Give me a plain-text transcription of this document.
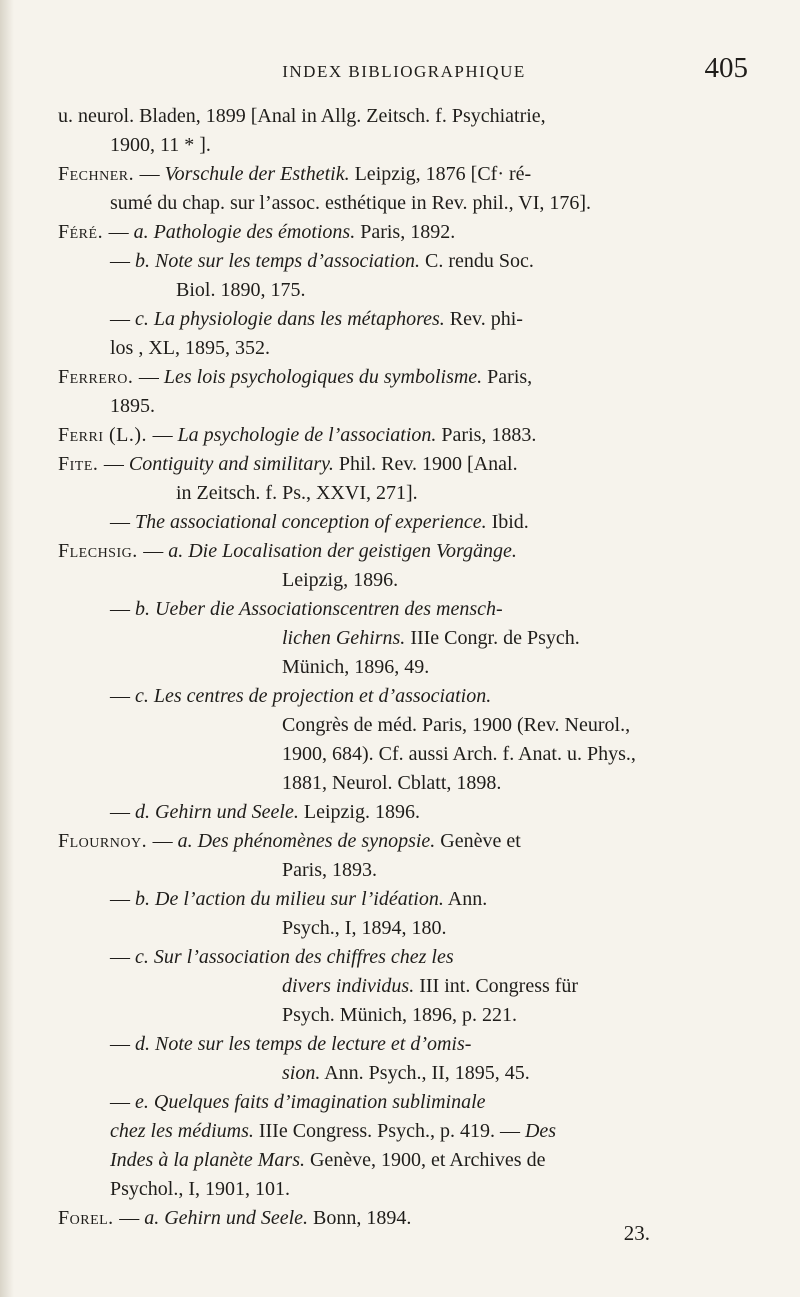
INDEX BIBLIOGRAPHIQUE	405
u. neurol. Bladen, 1899 [Anal in Allg. Zeitsch. f. Psychiatrie,
1900, 11 * ].
Fechner. — Vorschule der Esthetik. Leipzig, 1876 [Cf· ré-
sumé du chap. sur l’assoc. esthétique in Rev. phil., VI, 176].
Féré. — a. Pathologie des émotions. Paris, 1892.
— b. Note sur les temps d’association. C. rendu Soc.
Biol. 1890, 175.
— c. La physiologie dans les métaphores. Rev. phi-
los , XL, 1895, 352.
Ferrero. — Les lois psychologiques du symbolisme. Paris,
1895.
Ferri (L.). — La psychologie de l’association. Paris, 1883.
Fite. — Contiguity and similitary. Phil. Rev. 1900 [Anal.
in Zeitsch. f. Ps., XXVI, 271].
— The associational conception of experience. Ibid.
Flechsig. — a. Die Localisation der geistigen Vorgänge.
Leipzig, 1896.
— b. Ueber die Associationscentren des mensch-
lichen Gehirns. IIIe Congr. de Psych.
Münich, 1896, 49.
— c. Les centres de projection et d’association.
Congrès de méd. Paris, 1900 (Rev. Neurol.,
1900, 684). Cf. aussi Arch. f. Anat. u. Phys.,
1881, Neurol. Cblatt, 1898.
— d. Gehirn und Seele. Leipzig. 1896.
Flournoy. — a. Des phénomènes de synopsie. Genève et
Paris, 1893.
— b. De l’action du milieu sur l’idéation. Ann.
Psych., I, 1894, 180.
— c. Sur l’association des chiffres chez les
divers individus. III int. Congress für
Psych. Münich, 1896, p. 221.
— d. Note sur les temps de lecture et d’omis-
sion. Ann. Psych., II, 1895, 45.
— e. Quelques faits d’imagination subliminale
chez les médiums. IIIe Congress. Psych., p. 419. — Des
Indes à la planète Mars. Genève, 1900, et Archives de
Psychol., I, 1901, 101.
Forel. — a. Gehirn und Seele. Bonn, 1894.
23.
